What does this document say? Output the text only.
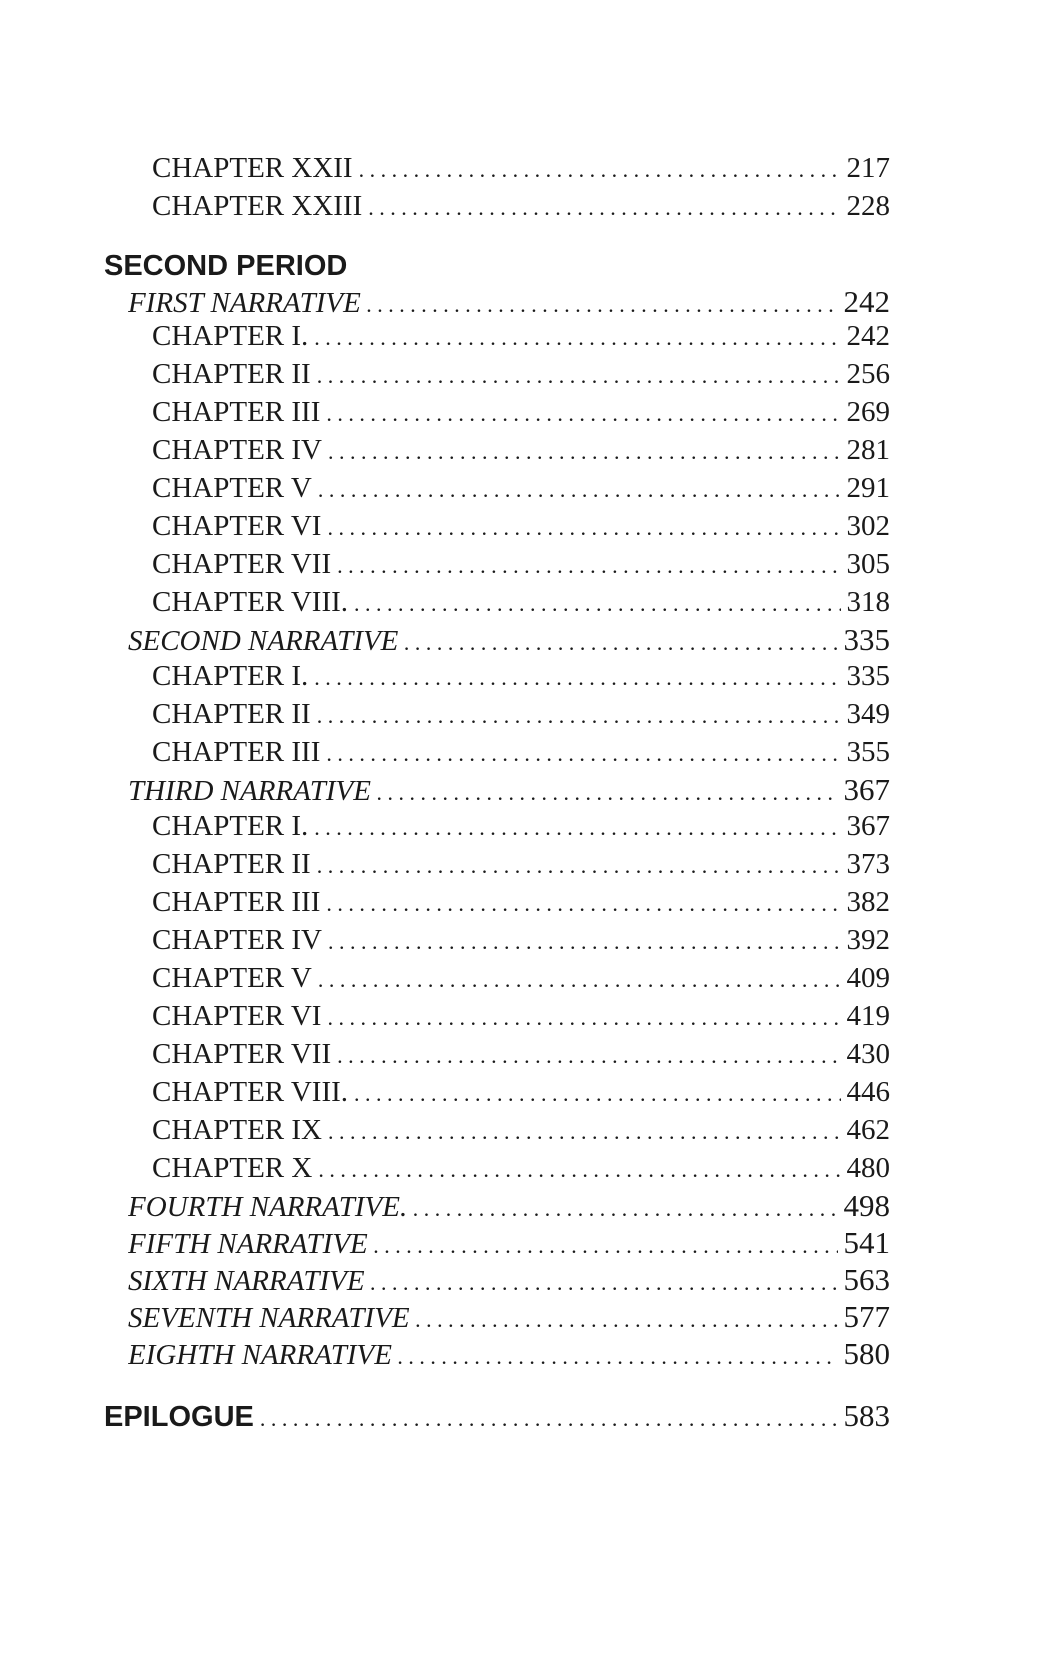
CHAPTER XXII . . .	217
CHAPTER XXIII . . .	228
SECOND PERIOD
FIRST NARRATIVE . . .	242
CHAPTER I. . . .	242
CHAPTER II . . .	256
CHAPTER III . . .	269
CHAPTER IV . . .	281
CHAPTER V . . .	291
CHAPTER VI . . .	302
CHAPTER VII . . .	305
CHAPTER VIII. . . .	318
SECOND NARRATIVE . . .	335
CHAPTER I. . . .	335
CHAPTER II . . .	349
CHAPTER III . . .	355
THIRD NARRATIVE . . .	367
CHAPTER I. . . .	367
CHAPTER II . . .	373
CHAPTER III . . .	382
CHAPTER IV . . .	392
CHAPTER V . . .	409
CHAPTER VI . . .	419
CHAPTER VII . . .	430
CHAPTER VIII. . . .	446
CHAPTER IX . . .	462
CHAPTER X . . .	480
FOURTH NARRATIVE. . . .	498
FIFTH NARRATIVE . . .	541
SIXTH NARRATIVE . . .	563
SEVENTH NARRATIVE . . .	577
EIGHTH NARRATIVE . . .	580
EPILOGUE . . .	583
